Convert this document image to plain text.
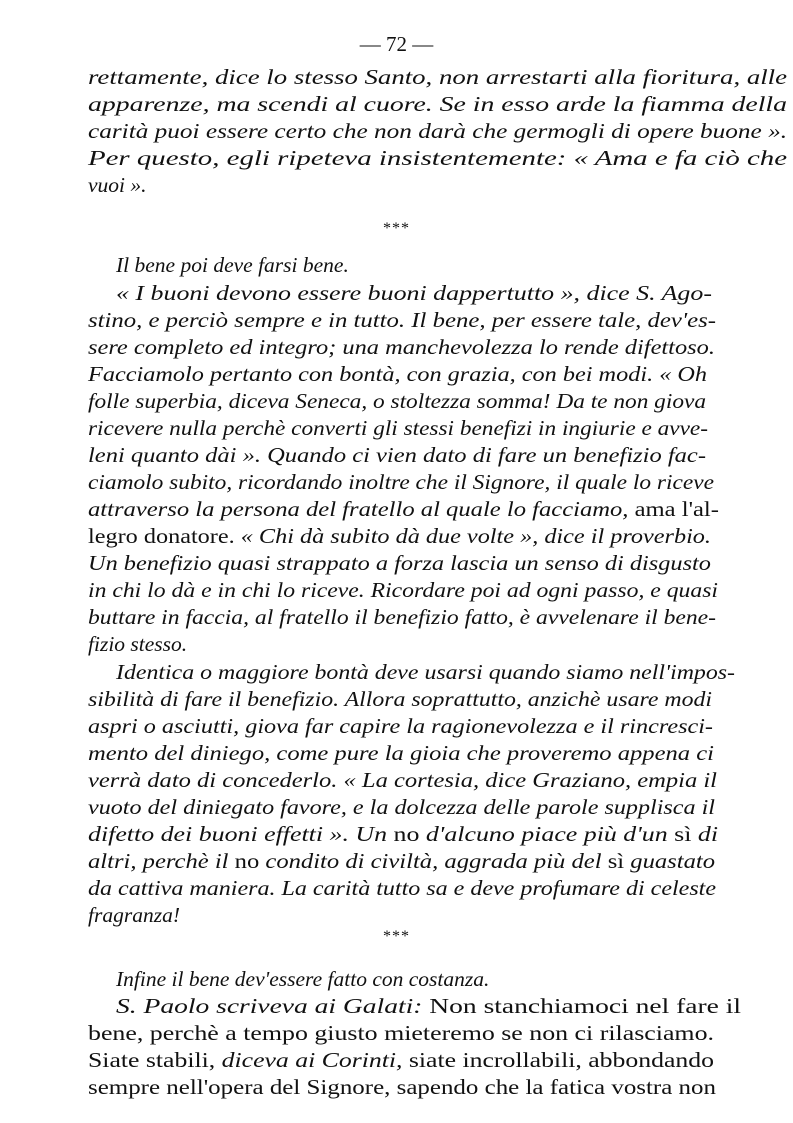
— 72 —
***
***
rettamente, dice lo stesso Santo, non arrestarti alla fioritura, alle
apparenze, ma scendi al cuore. Se in esso arde la fiamma della
carità puoi essere certo che non darà che germogli di opere buone ».
Per questo, egli ripeteva insistentemente: « Ama e fa ciò che
vuoi ».
Il bene poi deve farsi bene.
« I buoni devono essere buoni dappertutto », dice S. Ago-
stino, e perciò sempre e in tutto. Il bene, per essere tale, dev'es-
sere completo ed integro; una manchevolezza lo rende difettoso.
Facciamolo pertanto con bontà, con grazia, con bei modi. « Oh
folle superbia, diceva Seneca, o stoltezza somma! Da te non giova
ricevere nulla perchè converti gli stessi benefizi in ingiurie e avve-
leni quanto dài ». Quando ci vien dato di fare un benefizio fac-
ciamolo subito, ricordando inoltre che il Signore, il quale lo riceve
attraverso la persona del fratello al quale lo facciamo, ama l'al-
legro donatore. « Chi dà subito dà due volte », dice il proverbio.
Un benefizio quasi strappato a forza lascia un senso di disgusto
in chi lo dà e in chi lo riceve. Ricordare poi ad ogni passo, e quasi
buttare in faccia, al fratello il benefizio fatto, è avvelenare il bene-
fizio stesso.
Identica o maggiore bontà deve usarsi quando siamo nell'impos-
sibilità di fare il benefizio. Allora soprattutto, anzichè usare modi
aspri o asciutti, giova far capire la ragionevolezza e il rincresci-
mento del diniego, come pure la gioia che proveremo appena ci
verrà dato di concederlo. « La cortesia, dice Graziano, empia il
vuoto del diniegato favore, e la dolcezza delle parole supplisca il
difetto dei buoni effetti ». Un no d'alcuno piace più d'un sì di
altri, perchè il no condito di civiltà, aggrada più del sì guastato
da cattiva maniera. La carità tutto sa e deve profumare di celeste
fragranza!
Infine il bene dev'essere fatto con costanza.
S. Paolo scriveva ai Galati: Non stanchiamoci nel fare il
bene, perchè a tempo giusto mieteremo se non ci rilasciamo.
Siate stabili, diceva ai Corinti, siate incrollabili, abbondando
sempre nell'opera del Signore, sapendo che la fatica vostra non
